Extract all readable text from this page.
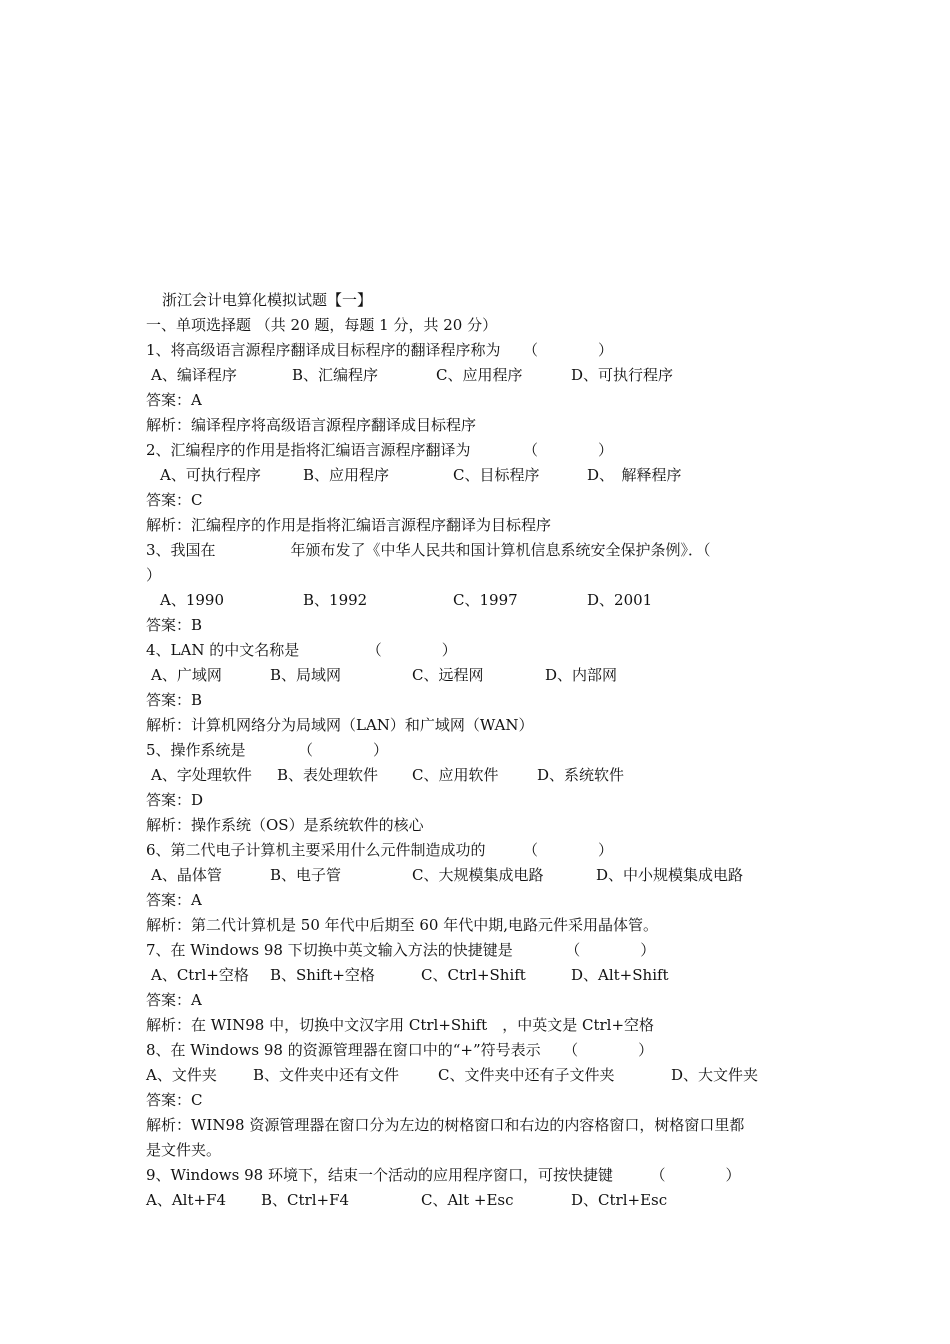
浙江会计电算化模拟试题【一】
一、单项选择题 （共 20 题，每题 1 分，共 20 分）
1、将高级语言源程序翻译成目标程序的翻译程序称为　　（　　　　）
A、编译程序	B、汇编程序	C、应用程序	D、可执行程序
答案：A
解析：编译程序将高级语言源程序翻译成目标程序
2、汇编程序的作用是指将汇编语言源程序翻译为　　　　（　　　　）
A、可执行程序	B、应用程序	C、目标程序	D、　解释程序
答案：C
解析：汇编程序的作用是指将汇编语言源程序翻译为目标程序
3、我国在　　　　　年颁布发了《中华人民共和国计算机信息系统安全保护条例》．（
）
A、1990	B、1992	C、1997	D、2001
答案：B
4、LAN 的中文名称是　　　　　（　　　　）
A、广域网	B、局域网	C、远程网	D、内部网
答案：B
解析：计算机网络分为局域网（LAN）和广域网（WAN）
5、操作系统是　　　　（　　　　）
A、字处理软件 B、表处理软件 C、应用软件	D、系统软件
答案：D
解析：操作系统（OS）是系统软件的核心
6、第二代电子计算机主要采用什么元件制造成功的　　　（　　　　）
A、晶体管	B、电子管	C、大规模集成电路	D、中小规模集成电路
答案：A
解析：第二代计算机是 50 年代中后期至 60 年代中期,电路元件采用晶体管。
7、在 Windows 98 下切换中英文输入方法的快捷键是　　　　（　　　　）
A、Ctrl+空格 B、Shift+空格	C、Ctrl+Shift	D、Alt+Shift
答案：A
解析：在 WIN98 中，切换中文汉字用 Ctrl+Shift　，中英文是 Ctrl+空格
8、在 Windows 98 的资源管理器在窗口中的“+”符号表示　　（　　　　）
A、文件夹 B、文件夹中还有文件	C、文件夹中还有子文件夹	D、大文件夹
答案：C
解析：WIN98 资源管理器在窗口分为左边的树格窗口和右边的内容格窗口，树格窗口里都
是文件夹。
9、Windows 98 环境下，结束一个活动的应用程序窗口，可按快捷键　　　（　　　　）
A、Alt+F4 B、Ctrl+F4	C、Alt +Esc	D、Ctrl+Esc
